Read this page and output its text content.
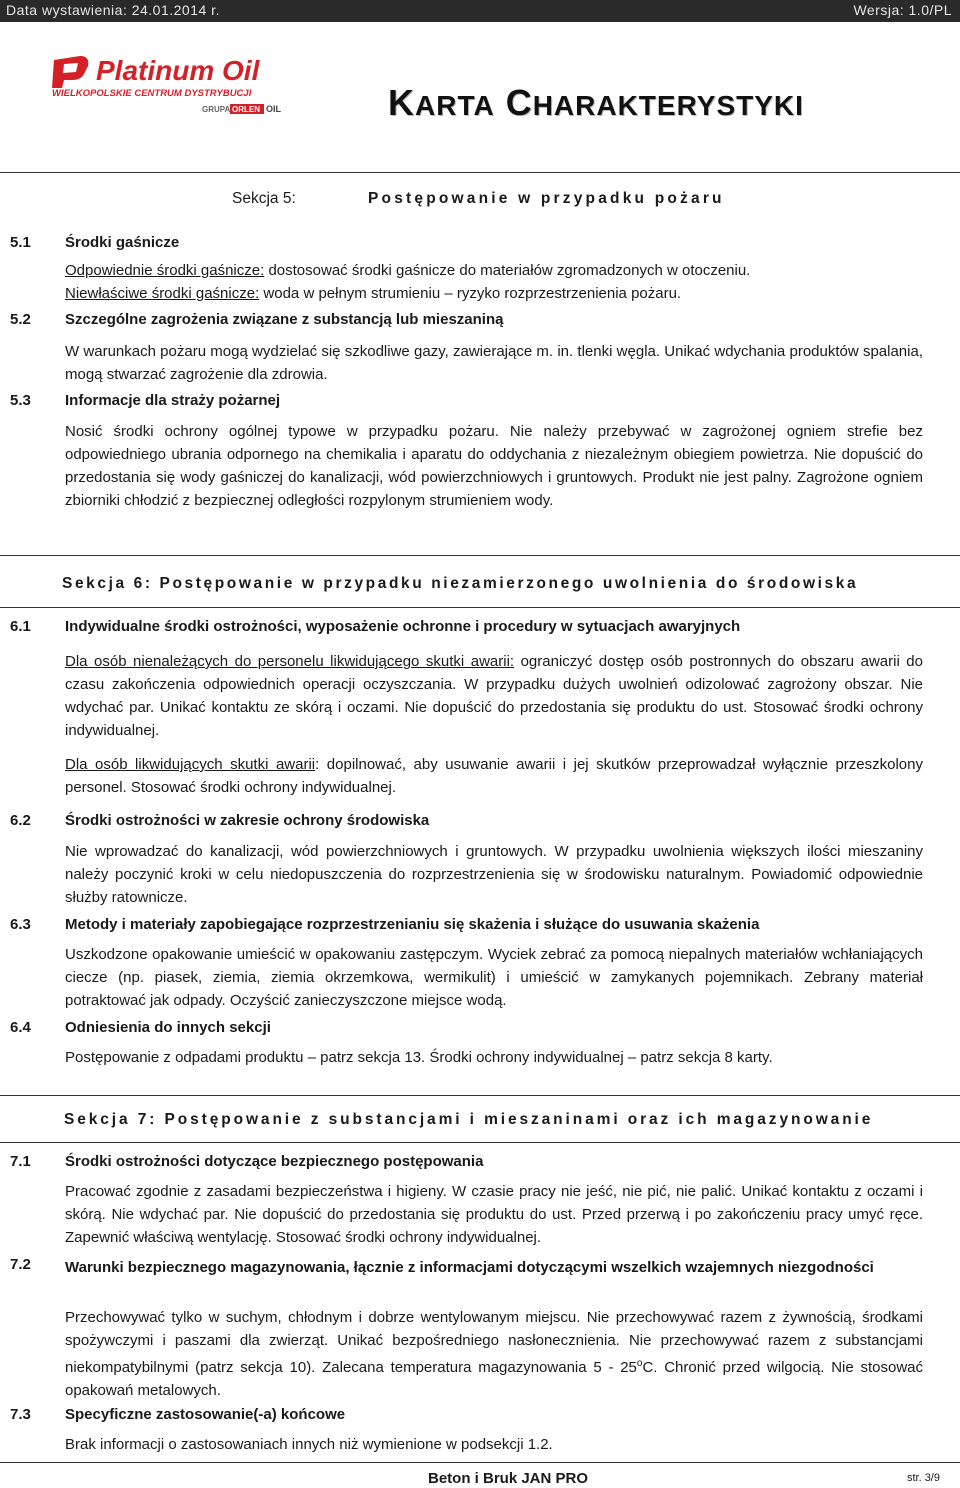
Data wystawienia: 24.01.2014 r.	Wersja: 1.0/PL
Platinum Oil
WIELKOPOLSKIE CENTRUM DYSTRYBUCJI
GRUPA ORLEN OIL	KARTA CHARAKTERYSTYKI
Sekcja 5:	Postępowanie w przypadku pożaru
5.1 Środki gaśnicze
Odpowiednie środki gaśnicze: dostosować środki gaśnicze do materiałów zgromadzonych w otoczeniu.
Niewłaściwe środki gaśnicze: woda w pełnym strumieniu – ryzyko rozprzestrzenienia pożaru.
5.2 Szczególne zagrożenia związane z substancją lub mieszaniną
W warunkach pożaru mogą wydzielać się szkodliwe gazy, zawierające m. in. tlenki węgla. Unikać wdychania produktów spalania, mogą stwarzać zagrożenie dla zdrowia.
5.3 Informacje dla straży pożarnej
Nosić środki ochrony ogólnej typowe w przypadku pożaru. Nie należy przebywać w zagrożonej ogniem strefie bez odpowiedniego ubrania odpornego na chemikalia i aparatu do oddychania z niezależnym obiegiem powietrza. Nie dopuścić do przedostania się wody gaśniczej do kanalizacji, wód powierzchniowych i gruntowych. Produkt nie jest palny. Zagrożone ogniem zbiorniki chłodzić z bezpiecznej odległości rozpylonym strumieniem wody.
Sekcja 6: Postępowanie w przypadku niezamierzonego uwolnienia do środowiska
6.1 Indywidualne środki ostrożności, wyposażenie ochronne i procedury w sytuacjach awaryjnych
Dla osób nienależących do personelu likwidującego skutki awarii: ograniczyć dostęp osób postronnych do obszaru awarii do czasu zakończenia odpowiednich operacji oczyszczania. W przypadku dużych uwolnień odizolować zagrożony obszar. Nie wdychać par. Unikać kontaktu ze skórą i oczami. Nie dopuścić do przedostania się produktu do ust. Stosować środki ochrony indywidualnej.
Dla osób likwidujących skutki awarii: dopilnować, aby usuwanie awarii i jej skutków przeprowadzał wyłącznie przeszkolony personel. Stosować środki ochrony indywidualnej.
6.2 Środki ostrożności w zakresie ochrony środowiska
Nie wprowadzać do kanalizacji, wód powierzchniowych i gruntowych. W przypadku uwolnienia większych ilości mieszaniny należy poczynić kroki w celu niedopuszczenia do rozprzestrzenienia się w środowisku naturalnym. Powiadomić odpowiednie służby ratownicze.
6.3 Metody i materiały zapobiegające rozprzestrzenianiu się skażenia i służące do usuwania skażenia
Uszkodzone opakowanie umieścić w opakowaniu zastępczym. Wyciek zebrać za pomocą niepalnych materiałów wchłaniających ciecze (np. piasek, ziemia, ziemia okrzemkowa, wermikulit) i umieścić w zamykanych pojemnikach. Zebrany materiał potraktować jak odpady. Oczyścić zanieczyszczone miejsce wodą.
6.4 Odniesienia do innych sekcji
Postępowanie z odpadami produktu – patrz sekcja 13. Środki ochrony indywidualnej – patrz sekcja 8 karty.
Sekcja 7: Postępowanie z substancjami i mieszaninami oraz ich magazynowanie
7.1 Środki ostrożności dotyczące bezpiecznego postępowania
Pracować zgodnie z zasadami bezpieczeństwa i higieny. W czasie pracy nie jeść, nie pić, nie palić. Unikać kontaktu z oczami i skórą. Nie wdychać par. Nie dopuścić do przedostania się produktu do ust. Przed przerwą i po zakończeniu pracy umyć ręce. Zapewnić właściwą wentylację. Stosować środki ochrony indywidualnej.
7.2 Warunki bezpiecznego magazynowania, łącznie z informacjami dotyczącymi wszelkich wzajemnych niezgodności
Przechowywać tylko w suchym, chłodnym i dobrze wentylowanym miejscu. Nie przechowywać razem z żywnością, środkami spożywczymi i paszami dla zwierząt. Unikać bezpośredniego nasłonecznienia. Nie przechowywać razem z substancjami niekompatybilnymi (patrz sekcja 10). Zalecana temperatura magazynowania 5 - 25$^o$C. Chronić przed wilgocią. Nie stosować opakowań metalowych.
7.3 Specyficzne zastosowanie(-a) końcowe
Brak informacji o zastosowaniach innych niż wymienione w podsekcji 1.2.
Beton i Bruk JAN PRO	str. 3/9
